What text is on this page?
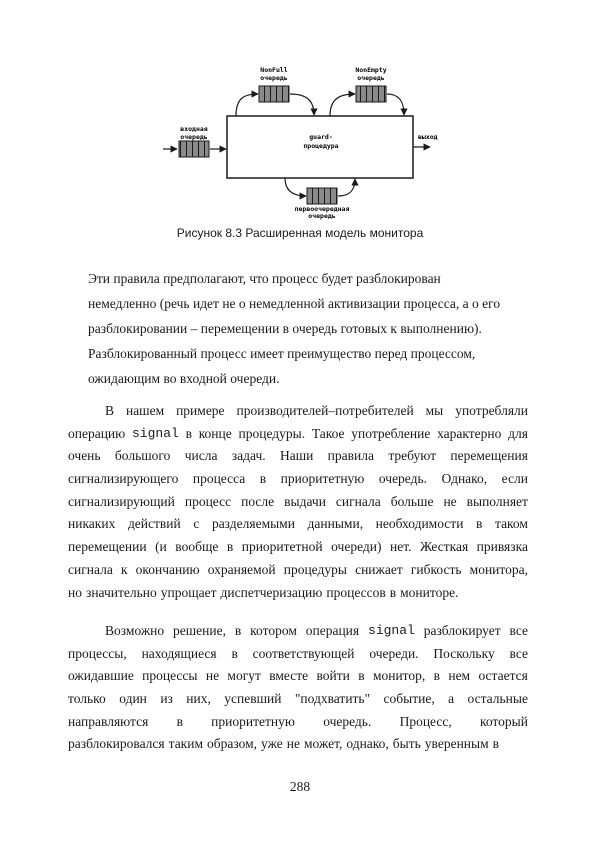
NonFull
очередь
NonEmpty
очередь
входная
очередь	guard-
процедура
выход
первоочередная
очередь
Рисунок 8.3 Расширенная модель монитора
Эти правила предполагают, что процесс будет разблокирован
немедленно (речь идет не о немедленной активизации процесса, а о его
разблокировании – перемещении в очередь готовых к выполнению).
Разблокированный процесс имеет преимущество перед процессом,
ожидающим во входной очереди.
В нашем примере производителей–потребителей мы употребляли
операцию signal в конце процедуры. Такое употребление характерно для
очень большого числа задач. Наши правила требуют перемещения
сигнализирующего процесса в приоритетную очередь. Однако, если
сигнализирующий процесс после выдачи сигнала больше не выполняет
никаких действий с разделяемыми данными, необходимости в таком
перемещении (и вообще в приоритетной очереди) нет. Жесткая привязка
сигнала к окончанию охраняемой процедуры снижает гибкость монитора,
но значительно упрощает диспетчеризацию процессов в мониторе.
Возможно решение, в котором операция signal разблокирует все
процессы, находящиеся в соответствующей очереди. Поскольку все
ожидавшие процессы не могут вместе войти в монитор, в нем остается
только один из них, успевший "подхватить" событие, а остальные
направляются в приоритетную очередь. Процесс, который
разблокировался таким образом, уже не может, однако, быть уверенным в
288
